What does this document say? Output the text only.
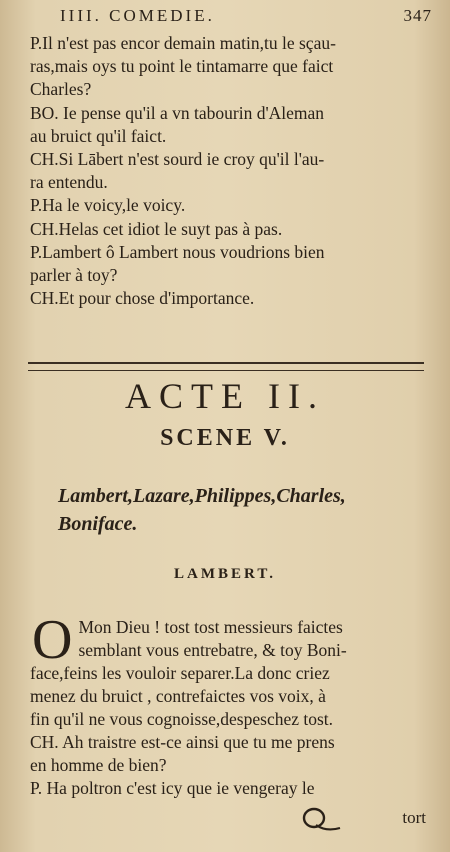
IIII. COMEDIE.	347

P.Il n'est pas encor demain matin,tu le sçau-

ras,mais oys tu point le tintamarre que faict

Charles?

BO. Ie pense qu'il a vn tabourin d'Aleman

au bruict qu'il faict.

CH.Si Lābert n'est sourd ie croy qu'il l'au-

ra entendu.

P.Ha le voicy,le voicy.

CH.Helas cet idiot le suyt pas à pas.

P.Lambert ô Lambert nous voudrions bien

parler à toy?

CH.Et pour chose d'importance.

ACTE II.
SCENE V.
Lambert,Lazare,Philippes,Charles,
Boniface.
LAMBERT.
O Mon Dieu ! tost tost messieurs faictes

semblant vous entrebatre, & toy Boni-

face,feins les vouloir separer.La donc criez

menez du bruict , contrefaictes vos voix, à

fin qu'il ne vous cognoisse,despeschez tost.

CH. Ah traistre est-ce ainsi que tu me prens

en homme de bien?

P. Ha poltron c'est icy que ie vengeray le

tort
